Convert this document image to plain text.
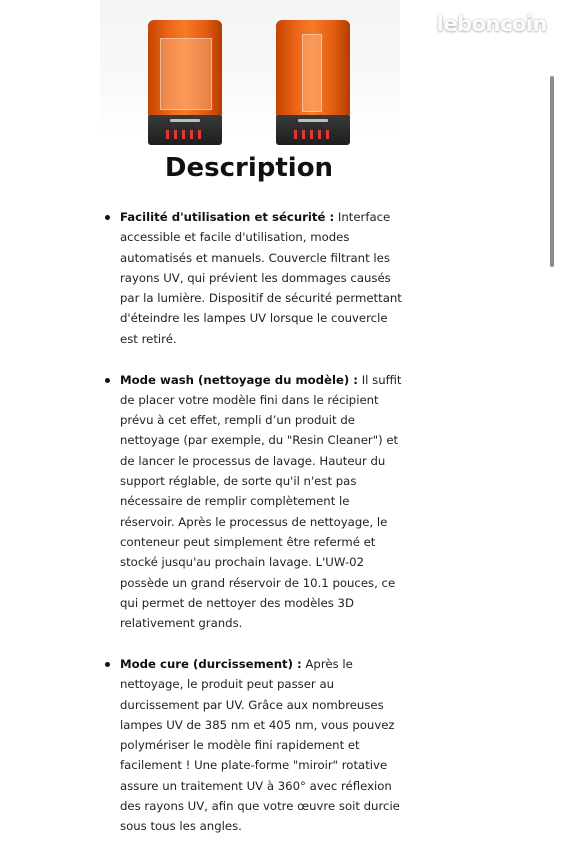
leboncoin
Description
Facilité d'utilisation et sécurité : Interface accessible et facile d'utilisation, modes automatisés et manuels. Couvercle filtrant les rayons UV, qui prévient les dommages causés par la lumière. Dispositif de sécurité permettant d'éteindre les lampes UV lorsque le couvercle est retiré.
Mode wash (nettoyage du modèle) : Il suffit de placer votre modèle fini dans le récipient prévu à cet effet, rempli d’un produit de nettoyage (par exemple, du "Resin Cleaner") et de lancer le processus de lavage. Hauteur du support réglable, de sorte qu'il n'est pas nécessaire de remplir complètement le réservoir. Après le processus de nettoyage, le conteneur peut simplement être refermé et stocké jusqu'au prochain lavage. L'UW-02 possède un grand réservoir de 10.1 pouces, ce qui permet de nettoyer des modèles 3D relativement grands.
Mode cure (durcissement) : Après le nettoyage, le produit peut passer au durcissement par UV. Grâce aux nombreuses lampes UV de 385 nm et 405 nm, vous pouvez polymériser le modèle fini rapidement et facilement ! Une plate-forme "miroir" rotative assure un traitement UV à 360° avec réflexion des rayons UV, afin que votre œuvre soit durcie sous tous les angles.
